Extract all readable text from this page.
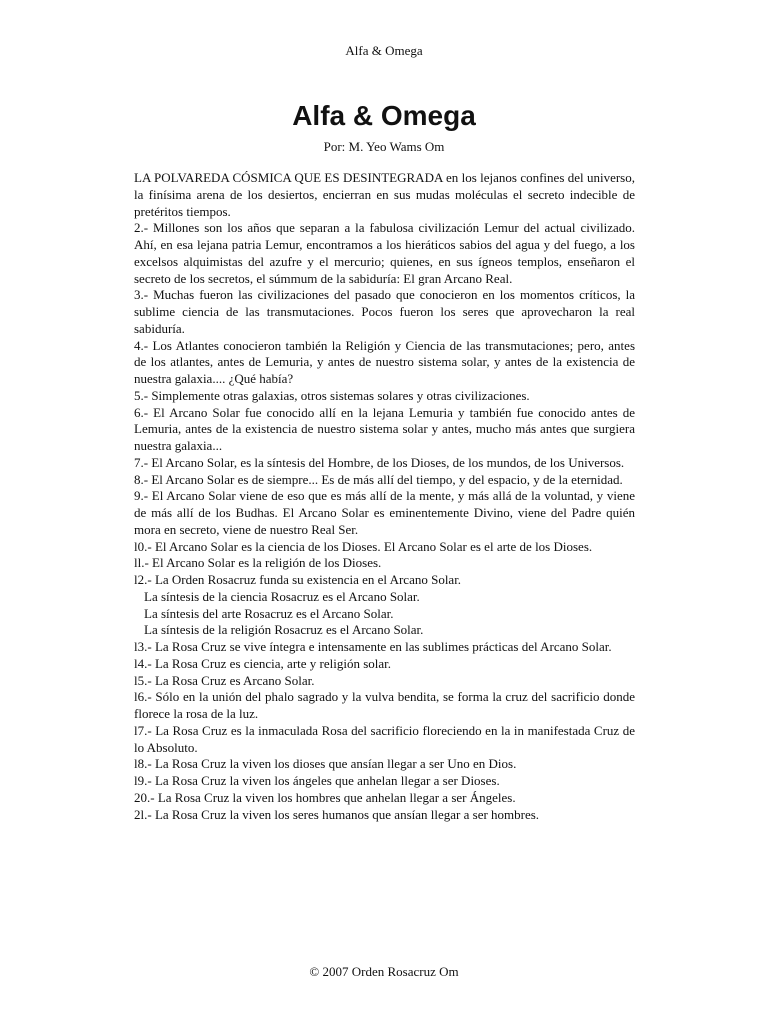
Alfa & Omega
Alfa & Omega
Por: M. Yeo Wams Om

LA POLVAREDA CÓSMICA QUE ES DESINTEGRADA en los lejanos confines del universo, la finísima arena de los desiertos, encierran en sus mudas moléculas el secreto indecible de pretéritos tiempos.

2.- Millones son los años que separan a la fabulosa civilización Lemur del actual civilizado. Ahí, en esa lejana patria Lemur, encontramos a los hieráticos sabios del agua y del fuego, a los excelsos alquimistas del azufre y el mercurio; quienes, en sus ígneos templos, enseñaron el secreto de los secretos, el súmmum de la sabiduría: El gran Arcano Real.

3.- Muchas fueron las civilizaciones del pasado que conocieron en los momentos críticos, la sublime ciencia de las transmutaciones. Pocos fueron los seres que aprovecharon la real sabiduría.

4.- Los Atlantes conocieron también la Religión y Ciencia de las transmutaciones; pero, antes de los atlantes, antes de Lemuria, y antes de nuestro sistema solar, y antes de la existencia de nuestra galaxia.... ¿Qué había?

5.- Simplemente otras galaxias, otros sistemas solares y otras civilizaciones.

6.- El Arcano Solar fue conocido allí en la lejana Lemuria y también fue conocido antes de Lemuria, antes de la existencia de nuestro sistema solar y antes, mucho más antes que surgiera nuestra galaxia...

7.- El Arcano Solar, es la síntesis del Hombre, de los Dioses, de los mundos, de los Universos.

8.- El Arcano Solar es de siempre... Es de más allí del tiempo, y del espacio, y de la eternidad.

9.- El Arcano Solar viene de eso que es más allí de la mente, y más allá de la voluntad, y viene de más allí de los Budhas. El Arcano Solar es eminentemente Divino, viene del Padre quién mora en secreto, viene de nuestro Real Ser.

l0.- El Arcano Solar es la ciencia de los Dioses. El Arcano Solar es el arte de los Dioses.

ll.- El Arcano Solar es la religión de los Dioses.

l2.- La Orden Rosacruz funda su existencia en el Arcano Solar.

La síntesis de la ciencia Rosacruz es el Arcano Solar.

La síntesis del arte Rosacruz es el Arcano Solar.

La síntesis de la religión Rosacruz es el Arcano Solar.

l3.- La Rosa Cruz se vive íntegra e intensamente en las sublimes prácticas del Arcano Solar.

l4.- La Rosa Cruz es ciencia, arte y religión solar.

l5.- La Rosa Cruz es Arcano Solar.

l6.- Sólo en la unión del phalo sagrado y la vulva bendita, se forma la cruz del sacrificio donde florece la rosa de la luz.

l7.- La Rosa Cruz es la inmaculada Rosa del sacrificio floreciendo en la in manifestada Cruz de lo Absoluto.

l8.- La Rosa Cruz la viven los dioses que ansían llegar a ser Uno en Dios.

l9.- La Rosa Cruz la viven los ángeles que anhelan llegar a ser Dioses.

20.- La Rosa Cruz la viven los hombres que anhelan llegar a ser Ángeles.

2l.- La Rosa Cruz la viven los seres humanos que ansían llegar a ser hombres.

© 2007 Orden Rosacruz Om
